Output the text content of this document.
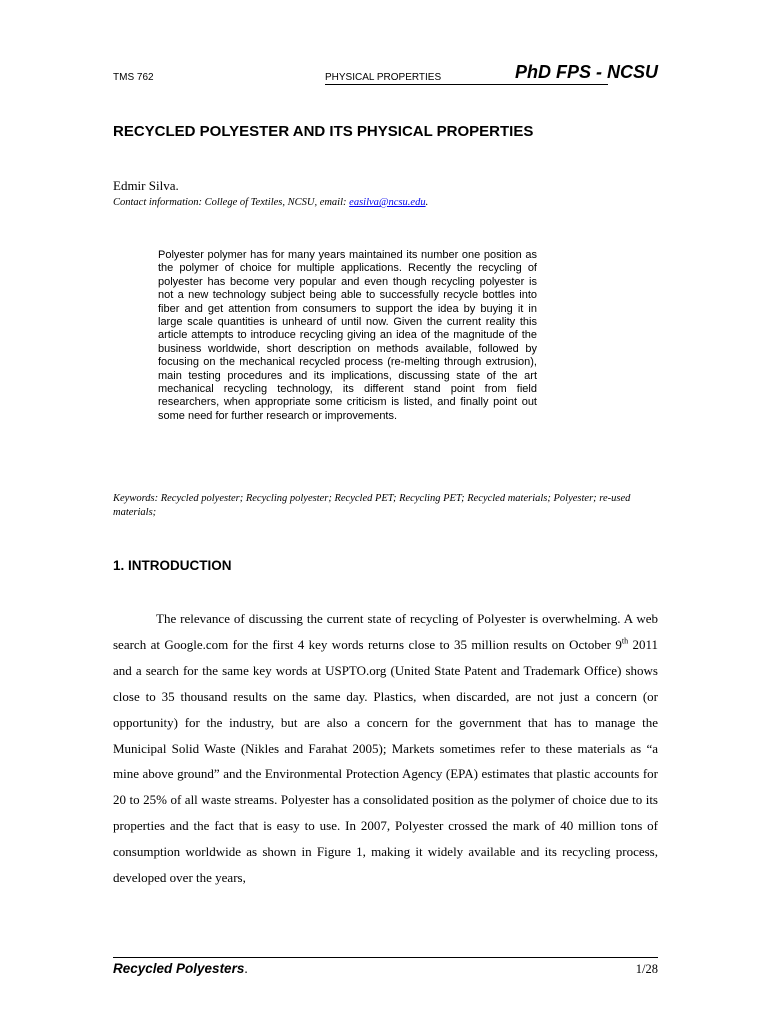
TMS 762	PHYSICAL PROPERTIES	PhD FPS - NCSU
RECYCLED POLYESTER AND ITS PHYSICAL PROPERTIES
Edmir Silva.
Contact information: College of Textiles, NCSU, email: easilva@ncsu.edu.

Polyester polymer has for many years maintained its number one position as the polymer of choice for multiple applications. Recently the recycling of polyester has become very popular and even though recycling polyester is not a new technology subject being able to successfully recycle bottles into fiber and get attention from consumers to support the idea by buying it in large scale quantities is unheard of until now. Given the current reality this article attempts to introduce recycling giving an idea of the magnitude of the business worldwide, short description on methods available, followed by focusing on the mechanical recycled process (re-melting through extrusion), main testing procedures and its implications, discussing state of the art mechanical recycling technology, its different stand point from field researchers, when appropriate some criticism is listed, and finally point out some need for further research or improvements.

Keywords: Recycled polyester; Recycling polyester; Recycled PET; Recycling PET; Recycled materials; Polyester; re-used materials;

1. INTRODUCTION

The relevance of discussing the current state of recycling of Polyester is overwhelming. A web search at Google.com for the first 4 key words returns close to 35 million results on October 9th 2011 and a search for the same key words at USPTO.org (United State Patent and Trademark Office) shows close to 35 thousand results on the same day. Plastics, when discarded, are not just a concern (or opportunity) for the industry, but are also a concern for the government that has to manage the Municipal Solid Waste (Nikles and Farahat 2005); Markets sometimes refer to these materials as “a mine above ground” and the Environmental Protection Agency (EPA) estimates that plastic accounts for 20 to 25% of all waste streams. Polyester has a consolidated position as the polymer of choice due to its properties and the fact that is easy to use. In 2007, Polyester crossed the mark of 40 million tons of consumption worldwide as shown in Figure 1, making it widely available and its recycling process, developed over the years,

Recycled Polyesters.	1/28
